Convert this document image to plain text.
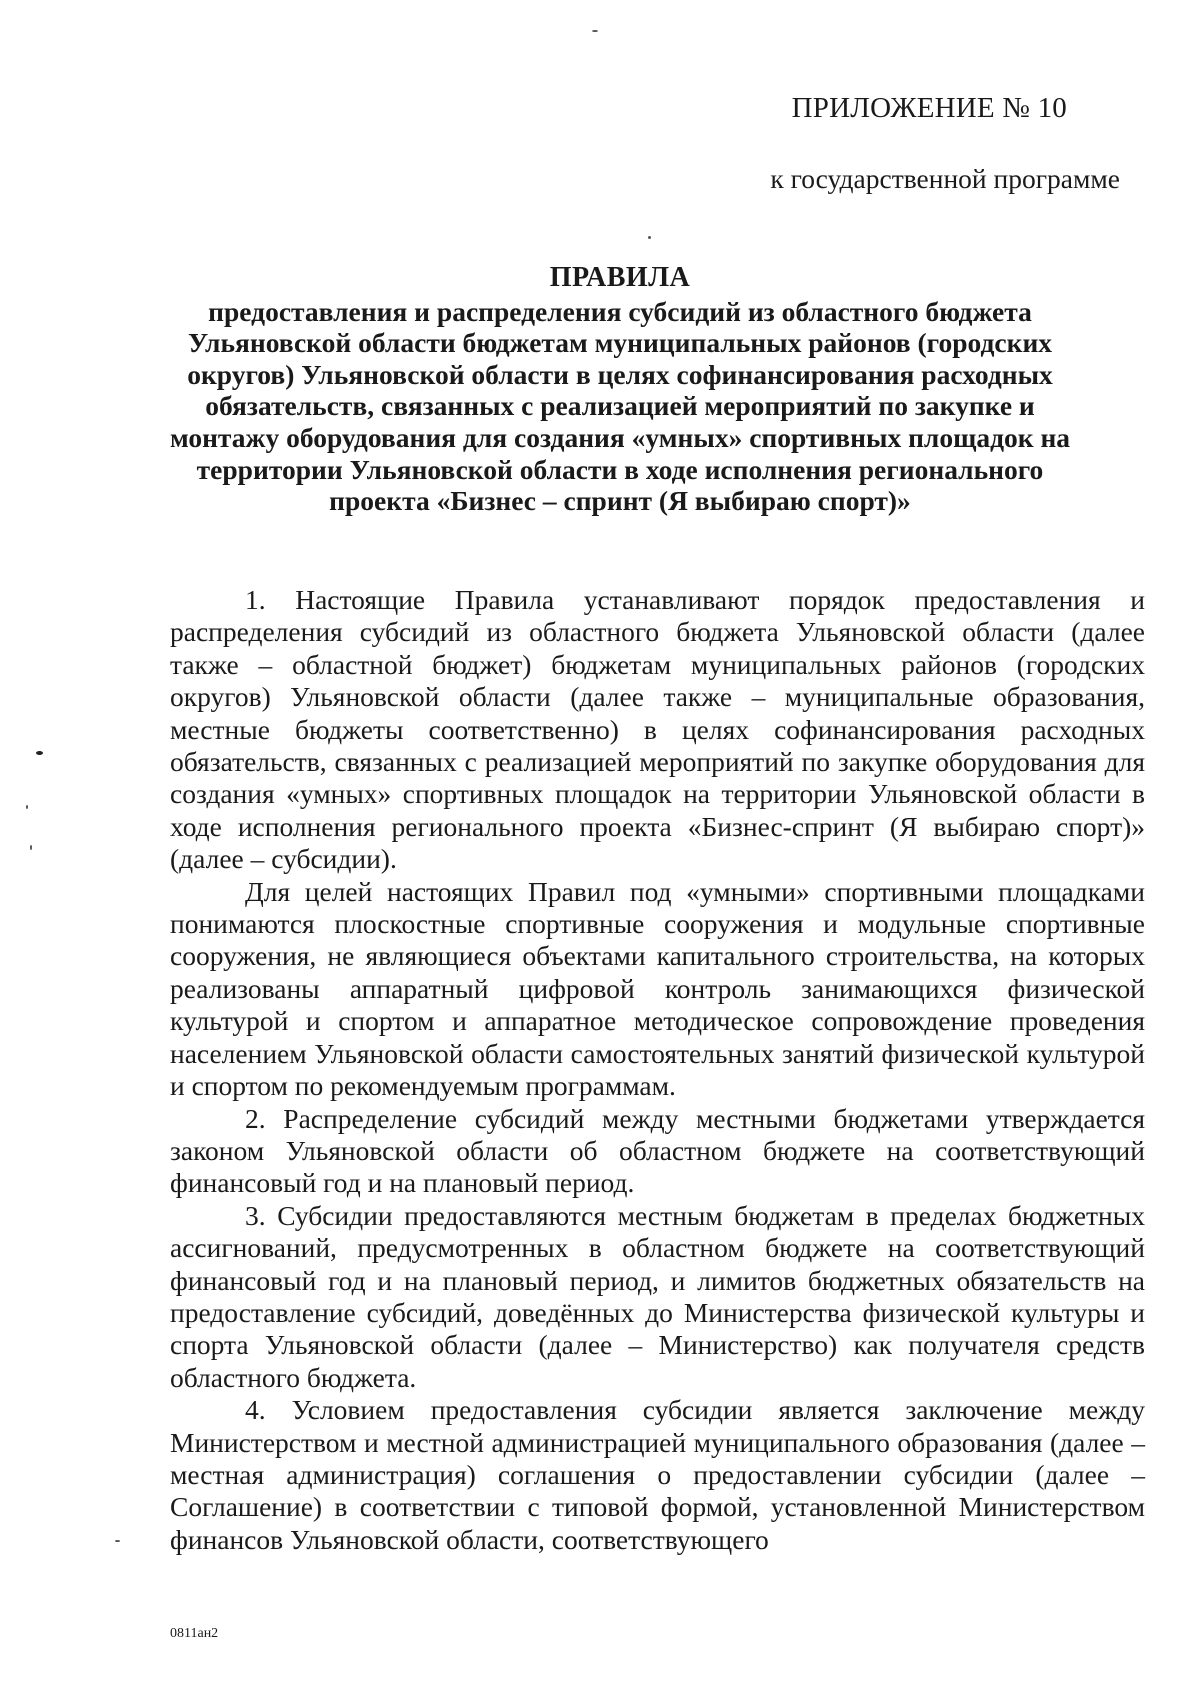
ПРИЛОЖЕНИЕ № 10

к государственной программе

ПРАВИЛА

предоставления и распределения субсидий из областного бюджета Ульяновской области бюджетам муниципальных районов (городских округов) Ульяновской области в целях софинансирования расходных обязательств, связанных с реализацией мероприятий по закупке и монтажу оборудования для создания «умных» спортивных площадок на территории Ульяновской области в ходе исполнения регионального проекта «Бизнес – спринт (Я выбираю спорт)»

1. Настоящие Правила устанавливают порядок предоставления и распределения субсидий из областного бюджета Ульяновской области (далее также – областной бюджет) бюджетам муниципальных районов (городских округов) Ульяновской области (далее также – муниципальные образования, местные бюджеты соответственно) в целях софинансирования расходных обязательств, связанных с реализацией мероприятий по закупке оборудования для создания «умных» спортивных площадок на территории Ульяновской области в ходе исполнения регионального проекта «Бизнес-спринт (Я выбираю спорт)» (далее – субсидии).

Для целей настоящих Правил под «умными» спортивными площадками понимаются плоскостные спортивные сооружения и модульные спортивные сооружения, не являющиеся объектами капитального строительства, на которых реализованы аппаратный цифровой контроль занимающихся физической культурой и спортом и аппаратное методическое сопровождение проведения населением Ульяновской области самостоятельных занятий физической культурой и спортом по рекомендуемым программам.

2. Распределение субсидий между местными бюджетами утверждается законом Ульяновской области об областном бюджете на соответствующий финансовый год и на плановый период.

3. Субсидии предоставляются местным бюджетам в пределах бюджетных ассигнований, предусмотренных в областном бюджете на соответствующий финансовый год и на плановый период, и лимитов бюджетных обязательств на предоставление субсидий, доведённых до Министерства физической культуры и спорта Ульяновской области (далее – Министерство) как получателя средств областного бюджета.

4. Условием предоставления субсидии является заключение между Министерством и местной администрацией муниципального образования (далее – местная администрация) соглашения о предоставлении субсидии (далее – Соглашение) в соответствии с типовой формой, установленной Министерством финансов Ульяновской области, соответствующего

0811ан2
